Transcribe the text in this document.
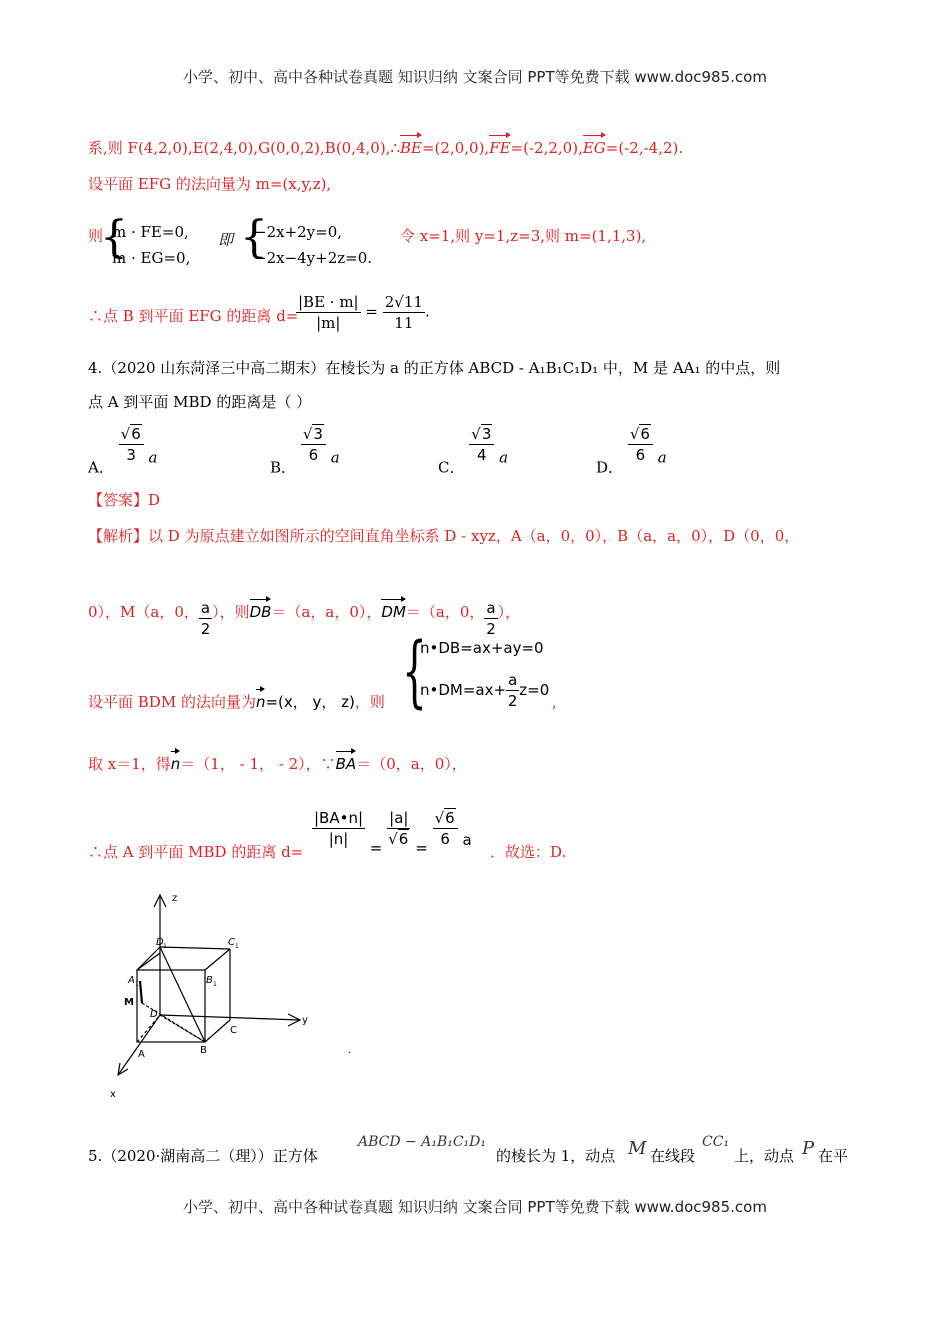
小学、初中、高中各种试卷真题 知识归纳 文案合同 PPT等免费下载 www.doc985.com
系,则 F(4,2,0),E(2,4,0),G(0,0,2),B(0,4,0),∴BE=(2,0,0),FE=(-2,2,0),EG=(-2,-4,2).
设平面 EFG 的法向量为 m=(x,y,z),
则
{
m · FE=0,
m · EG=0,
即 {
−2x+2y=0,
−2x−4y+2z=0.
令 x=1,则 y=1,z=3,则 m=(1,1,3),
∴点 B 到平面 EFG 的距离 d=
$\frac{|BE \cdot m|}{|m|} = \frac{2√11}{11}$ .
4.（2020 山东菏泽三中高二期末）在棱长为 a 的正方体 ABCD - A₁B₁C₁D₁ 中，M 是 AA₁ 的中点，则
点 A 到平面 MBD 的距离是（ ）
A．
$\frac{√6}{3}$ a
B．
$\frac{√3}{6}$ a
C．
$\frac{√3}{4}$ a
D．
$\frac{√6}{6}$ a
【答案】D
【解析】以 D 为原点建立如图所示的空间直角坐标系 D - xyz，A（a，0，0），B（a，a，0），D（0，0，
0），M（a，0， $\frac{a}{2}$ ），则DB＝（a，a，0），DM＝（a，0， $\frac{a}{2}$ ），
设平面 BDM 的法向量为n=(x， y， z)，则 {
n•DB=ax+ay=0
n•DM=ax+ $\frac{a}{2} z=0$
,
取 x＝1，得n＝（1， - 1， - 2），∵BA＝（0，a，0），
∴点 A 到平面 MBD 的距离 d=
$\frac{|BA•n|}{|n|} = \frac{|a|}{√6} = \frac{√6}{6}$ a
．故选：D.
z
y
x
D 1	C 1
A 1	B 1
M
D
C
A	B	·
5.（2020·湖南高二（理））正方体
ABCD − A₁B₁C₁D₁
的棱长为 1，动点 M 在线段
CC₁
上，动点 P 在平
小学、初中、高中各种试卷真题 知识归纳 文案合同 PPT等免费下载 www.doc985.com
